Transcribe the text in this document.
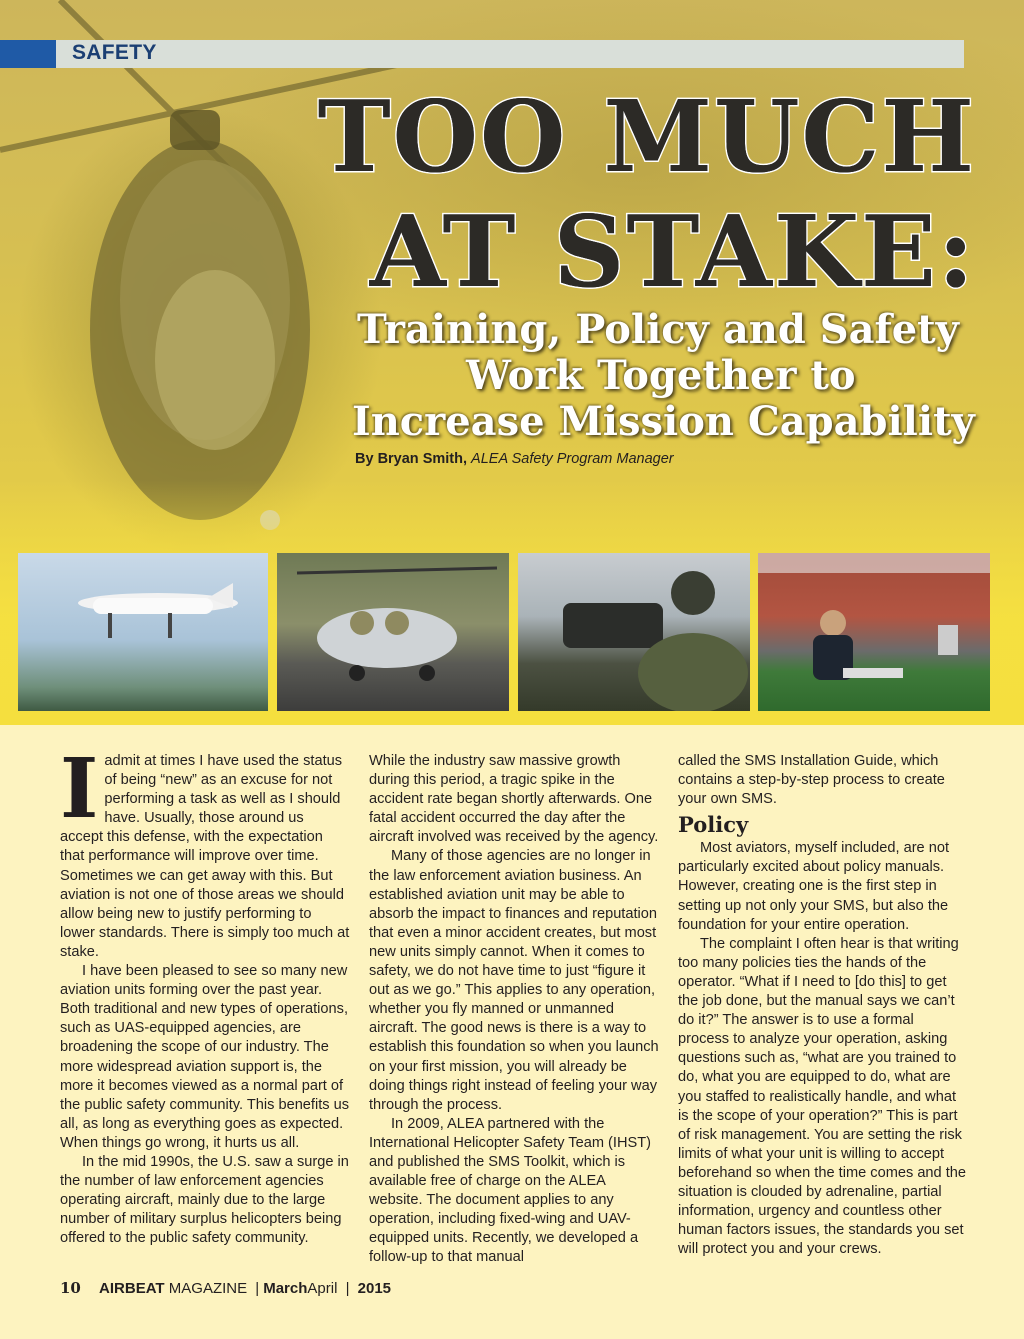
SAFETY
TOO MUCH
AT STAKE:
Training, Policy and Safety
Work Together to
Increase Mission Capability
By Bryan Smith, ALEA Safety Program Manager
I admit at times I have used the status of being “new” as an excuse for not performing a task as well as I should have. Usually, those around us accept this defense, with the expectation that performance will improve over time. Sometimes we can get away with this. But aviation is not one of those areas we should allow being new to justify performing to lower standards. There is simply too much at stake.

I have been pleased to see so many new aviation units forming over the past year. Both traditional and new types of operations, such as UAS-equipped agencies, are broadening the scope of our industry. The more widespread aviation support is, the more it becomes viewed as a normal part of the public safety community. This benefits us all, as long as everything goes as expected. When things go wrong, it hurts us all.

In the mid 1990s, the U.S. saw a surge in the number of law enforcement agencies operating aircraft, mainly due to the large number of military surplus helicopters being offered to the public safety community.

While the industry saw massive growth during this period, a tragic spike in the accident rate began shortly afterwards. One fatal accident occurred the day after the aircraft involved was received by the agency.

Many of those agencies are no longer in the law enforcement aviation business. An established aviation unit may be able to absorb the impact to finances and reputation that even a minor accident creates, but most new units simply cannot. When it comes to safety, we do not have time to just “figure it out as we go.” This applies to any operation, whether you fly manned or unmanned aircraft. The good news is there is a way to establish this foundation so when you launch on your first mission, you will already be doing things right instead of feeling your way through the process.

In 2009, ALEA partnered with the International Helicopter Safety Team (IHST) and published the SMS Toolkit, which is available free of charge on the ALEA website. The document applies to any operation, including fixed-wing and UAV-equipped units. Recently, we developed a follow-up to that manual

called the SMS Installation Guide, which contains a step-by-step process to create your own SMS.

Policy

Most aviators, myself included, are not particularly excited about policy manuals. However, creating one is the first step in setting up not only your SMS, but also the foundation for your entire operation.

The complaint I often hear is that writing too many policies ties the hands of the operator. “What if I need to [do this] to get the job done, but the manual says we can’t do it?” The answer is to use a formal process to analyze your operation, asking questions such as, “what are you trained to do, what you are equipped to do, what are you staffed to realistically handle, and what is the scope of your operation?” This is part of risk management. You are setting the risk limits of what your unit is willing to accept beforehand so when the time comes and the situation is clouded by adrenaline, partial information, urgency and countless other human factors issues, the standards you set will protect you and your crews.

10 AIRBEAT MAGAZINE | MarchApril | 2015
